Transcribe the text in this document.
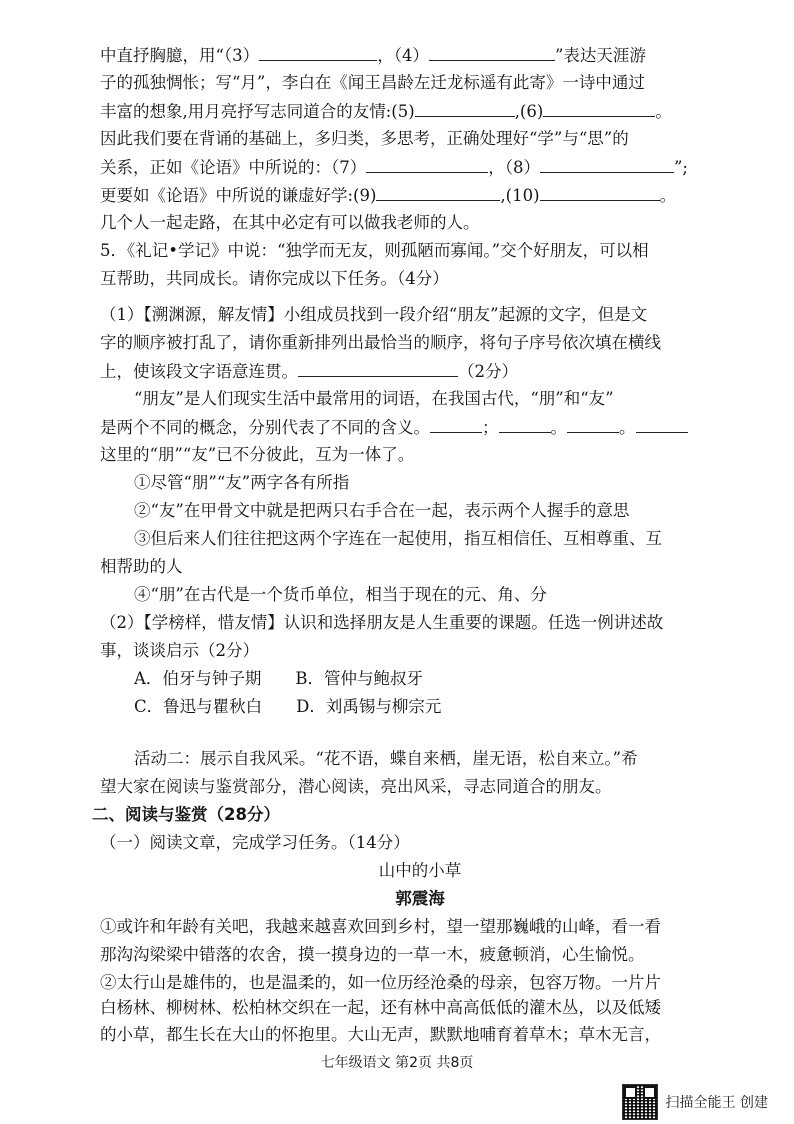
中直抒胸臆，用“（3）	，（4）	”表达天涯游
子的孤独惆怅；写“月”，李白在《闻王昌龄左迁龙标遥有此寄》一诗中通过
丰富的想象,用月亮抒写志同道合的友情:(5)	,(6)	。
因此我们要在背诵的基础上，多归类，多思考，正确处理好“学”与“思”的
关系，正如《论语》中所说的：（7）	，（8）	”;
更要如《论语》中所说的谦虚好学:(9)	,(10)	。
几个人一起走路，在其中必定有可以做我老师的人。
5．《礼记•学记》中说：“独学而无友，则孤陋而寡闻。”交个好朋友，可以相
互帮助，共同成长。请你完成以下任务。（4分）
（1）【溯渊源，解友情】小组成员找到一段介绍“朋友”起源的文字，但是文
字的顺序被打乱了，请你重新排列出最恰当的顺序，将句子序号依次填在横线
上，使该段文字语意连贯。	（2分）
“朋友”是人们现实生活中最常用的词语，在我国古代，“朋”和“友”
是两个不同的概念，分别代表了不同的含义。	；	。	。
这里的“朋”“友”已不分彼此，互为一体了。
①尽管“朋”“友”两字各有所指
②“友”在甲骨文中就是把两只右手合在一起，表示两个人握手的意思
③但后来人们往往把这两个字连在一起使用，指互相信任、互相尊重、互
相帮助的人
④“朋”在古代是一个货币单位，相当于现在的元、角、分
（2）【学榜样，惜友情】认识和选择朋友是人生重要的课题。任选一例讲述故
事，谈谈启示（2分）
A．伯牙与钟子期 B．管仲与鲍叔牙
C．鲁迅与瞿秋白 D．刘禹锡与柳宗元
活动二：展示自我风采。“花不语，蝶自来栖，崖无语，松自来立。”希
望大家在阅读与鉴赏部分，潜心阅读，亮出风采，寻志同道合的朋友。
二、阅读与鉴赏（28分）
（一）阅读文章，完成学习任务。（14分）
山中的小草
郭震海
①或许和年龄有关吧，我越来越喜欢回到乡村，望一望那巍峨的山峰，看一看
那沟沟梁梁中错落的农舍，摸一摸身边的一草一木，疲惫顿消，心生愉悦。
②太行山是雄伟的，也是温柔的，如一位历经沧桑的母亲，包容万物。一片片
白杨林、柳树林、松柏林交织在一起，还有林中高高低低的灌木丛，以及低矮
的小草，都生长在大山的怀抱里。大山无声，默默地哺育着草木；草木无言，
七年级语文 第2页 共8页
扫描全能王 创建
